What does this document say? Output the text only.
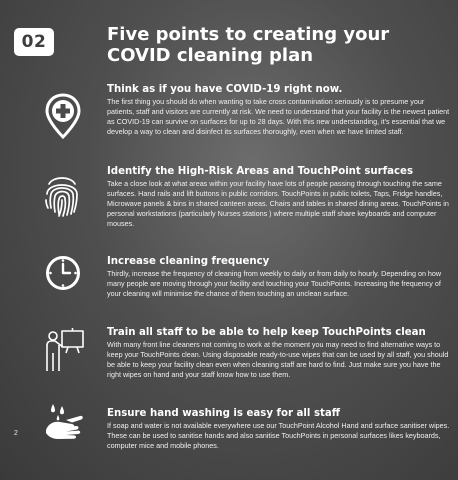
02	Five points to creating your
COVID cleaning plan
Think as if you have COVID-19 right now.

The first thing you should do when wanting to take cross contamination seriously is to presume your patients, staff and visitors are currently at risk. We need to understand that your facility is the newest patient as COVID-19 can survive on surfaces for up to 28 days. With this new understanding, it's essential that we develop a way to clean and disinfect its surfaces thoroughly, even when we have limited staff.

Identify the High-Risk Areas and TouchPoint surfaces

Take a close look at what areas within your facility have lots of people passing through touching the same surfaces. Hand rails and lift buttons in public corridors. TouchPoints in public toilets, Taps, Fridge handles, Microwave panels & bins in shared canteen areas. Chairs and tables in shared dining areas. TouchPoints in personal workstations (particularly Nurses stations ) where multiple staff share keyboards and computer mouses.

Increase cleaning frequency

Thirdly, increase the frequency of cleaning from weekly to daily or from daily to hourly. Depending on how many people are moving through your facility and touching your TouchPoints. Increasing the frequency of your cleaning will minimise the chance of them touching an unclean surface.

Train all staff to be able to help keep TouchPoints clean

With many front line cleaners not coming to work at the moment you may need to find alternative ways to keep your TouchPoints clean. Using disposable ready-to-use wipes that can be used by all staff, you should be able to keep your facility clean even when cleaning staff are hard to find. Just make sure you have the right wipes on hand and your staff know how to use them.

Ensure hand washing is easy for all staff

If soap and water is not available everywhere use our TouchPoint Alcohol Hand and surface sanitiser wipes. These can be used to sanitise hands and also sanitise TouchPoints in personal surfaces likes keyboards, computer mice and mobile phones.

2
